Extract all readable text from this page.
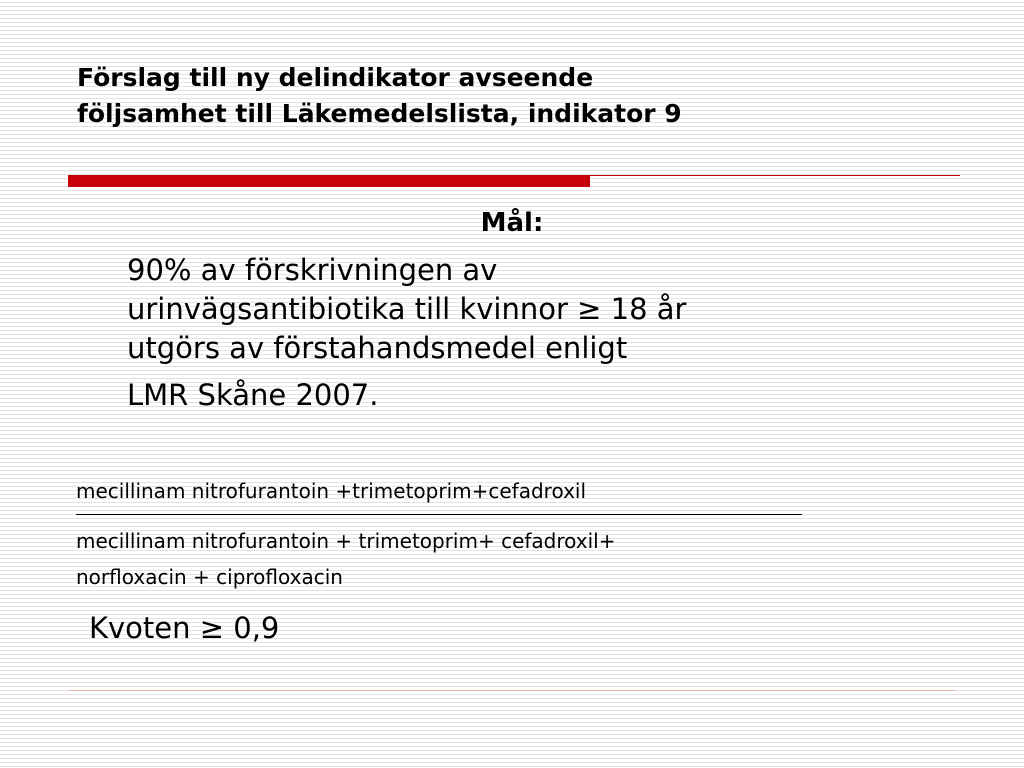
Förslag till ny delindikator avseende
följsamhet till Läkemedelslista, indikator 9
Mål:
90% av förskrivningen av
urinvägsantibiotika till kvinnor ≥ 18 år
utgörs av förstahandsmedel enligt
LMR Skåne 2007.
mecillinam nitrofurantoin +trimetoprim+cefadroxil
mecillinam nitrofurantoin + trimetoprim+ cefadroxil+
norfloxacin + ciprofloxacin
Kvoten ≥ 0,9
